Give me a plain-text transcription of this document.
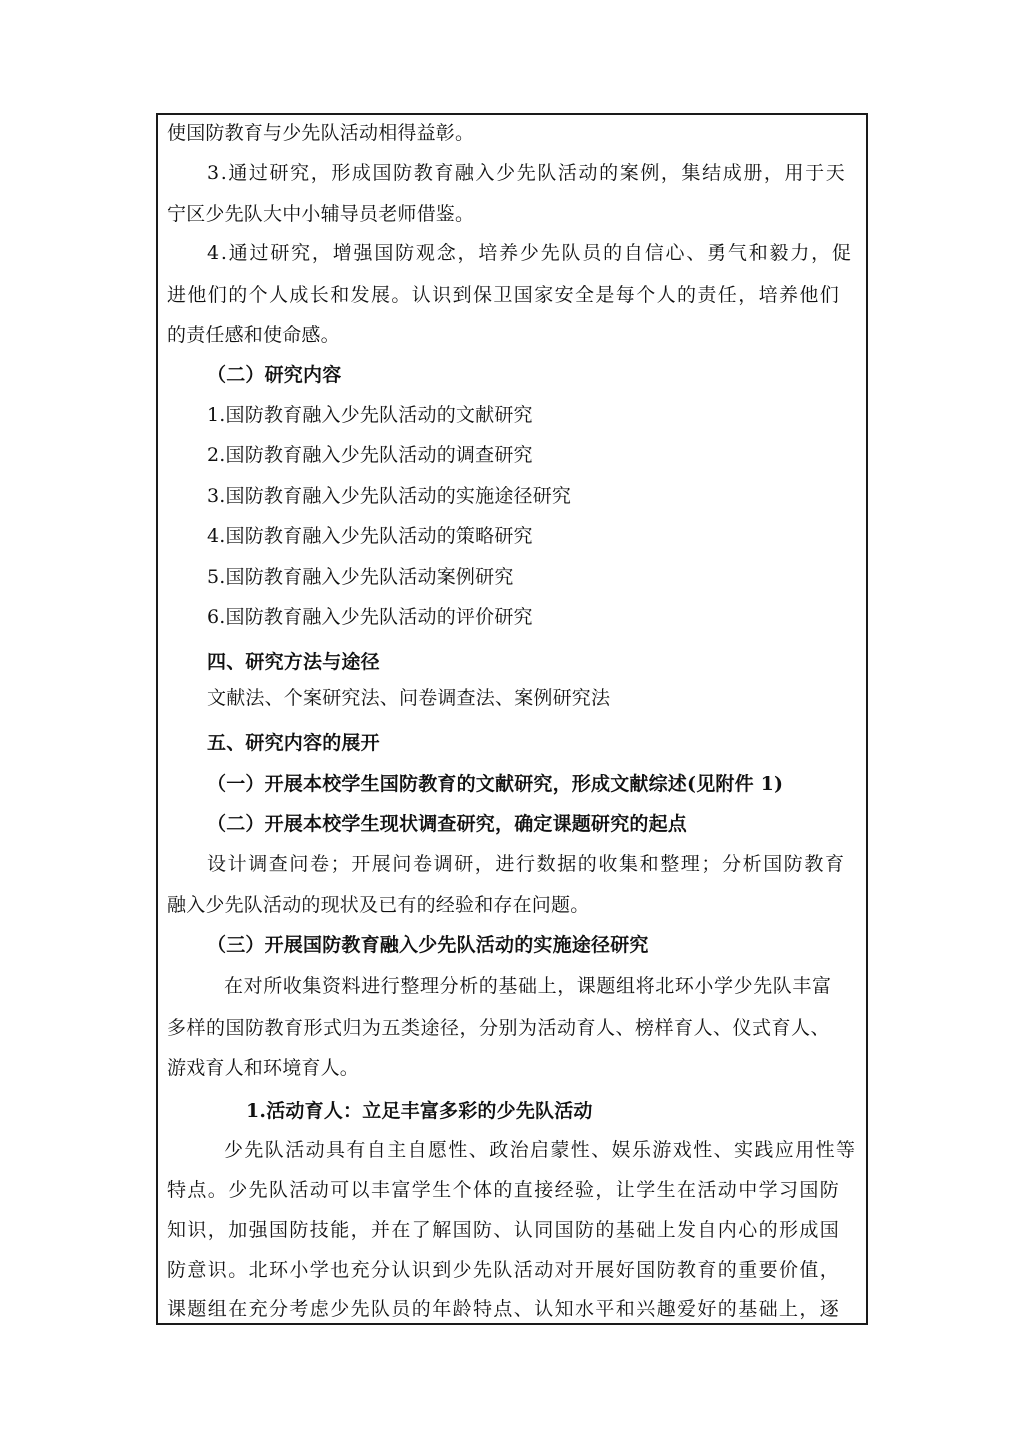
使国防教育与少先队活动相得益彰。
3.通过研究，形成国防教育融入少先队活动的案例，集结成册，用于天
宁区少先队大中小辅导员老师借鉴。
4.通过研究，增强国防观念，培养少先队员的自信心、勇气和毅力，促
进他们的个人成长和发展。认识到保卫国家安全是每个人的责任，培养他们
的责任感和使命感。
（二）研究内容
1.国防教育融入少先队活动的文献研究
2.国防教育融入少先队活动的调查研究
3.国防教育融入少先队活动的实施途径研究
4.国防教育融入少先队活动的策略研究
5.国防教育融入少先队活动案例研究
6.国防教育融入少先队活动的评价研究
四、研究方法与途径
文献法、个案研究法、问卷调查法、案例研究法
五、研究内容的展开
（一）开展本校学生国防教育的文献研究，形成文献综述(见附件 1)
（二）开展本校学生现状调查研究，确定课题研究的起点
设计调查问卷；开展问卷调研，进行数据的收集和整理；分析国防教育
融入少先队活动的现状及已有的经验和存在问题。
（三）开展国防教育融入少先队活动的实施途径研究
在对所收集资料进行整理分析的基础上，课题组将北环小学少先队丰富
多样的国防教育形式归为五类途径，分别为活动育人、榜样育人、仪式育人、
游戏育人和环境育人。
1.活动育人：立足丰富多彩的少先队活动
少先队活动具有自主自愿性、政治启蒙性、娱乐游戏性、实践应用性等
特点。少先队活动可以丰富学生个体的直接经验，让学生在活动中学习国防
知识，加强国防技能，并在了解国防、认同国防的基础上发自内心的形成国
防意识。北环小学也充分认识到少先队活动对开展好国防教育的重要价值，
课题组在充分考虑少先队员的年龄特点、认知水平和兴趣爱好的基础上，逐
